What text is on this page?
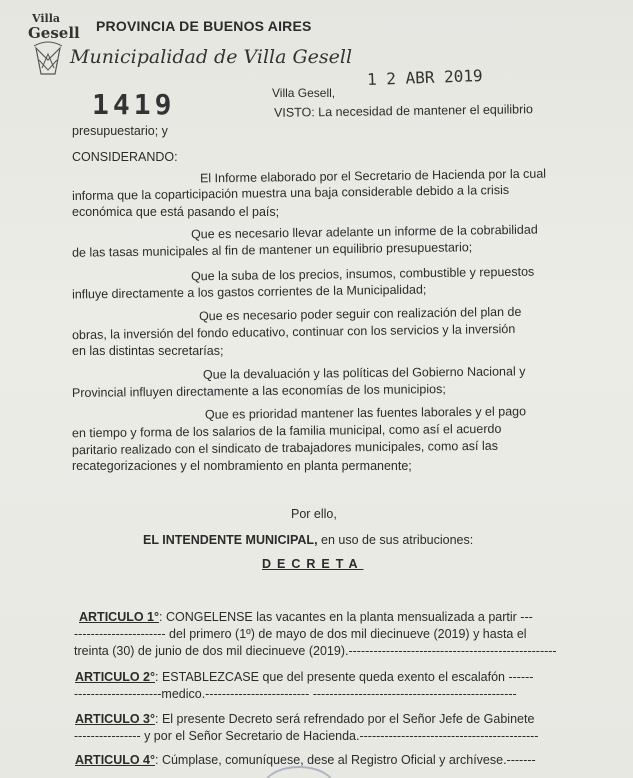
Villa
Gesell PROVINCIA DE BUENOS AIRES
Municipalidad de Villa Gesell
1419	Villa Gesell,
1 2 ABR 2019
VISTO: La necesidad de mantener el equilibrio
presupuestario; y
CONSIDERANDO:
El Informe elaborado por el Secretario de Hacienda por la cual
informa que la coparticipación muestra una baja considerable debido a la crisis
económica que está pasando el país;
Que es necesario llevar adelante un informe de la cobrabilidad
de las tasas municipales al fin de mantener un equilibrio presupuestario;
Que la suba de los precios, insumos, combustible y repuestos
influye directamente a los gastos corrientes de la Municipalidad;
Que es necesario poder seguir con realización del plan de
obras, la inversión del fondo educativo, continuar con los servicios y la inversión
en las distintas secretarías;
Que la devaluación y las políticas del Gobierno Nacional y
Provincial influyen directamente a las economías de los municipios;
Que es prioridad mantener las fuentes laborales y el pago
en tiempo y forma de los salarios de la familia municipal, como así el acuerdo
paritario realizado con el sindicato de trabajadores municipales, como así las
recategorizaciones y el nombramiento en planta permanente;
Por ello,
EL INTENDENTE MUNICIPAL, en uso de sus atribuciones:
DECRETA
ARTICULO 1°: CONGELENSE las vacantes en la planta mensualizada a partir ---
---------------------- del primero (1º) de mayo de dos mil diecinueve (2019) y hasta el
treinta (30) de junio de dos mil diecinueve (2019).--------------------------------------------------
ARTICULO 2°: ESTABLEZCASE que del presente queda exento el escalafón ------
---------------------medico.------------------------- -------------------------------------------------
ARTICULO 3°: El presente Decreto será refrendado por el Señor Jefe de Gabinete
---------------- y por el Señor Secretario de Hacienda.-------------------------------------------
ARTICULO 4°: Cúmplase, comuníquese, dese al Registro Oficial y archívese.-------
